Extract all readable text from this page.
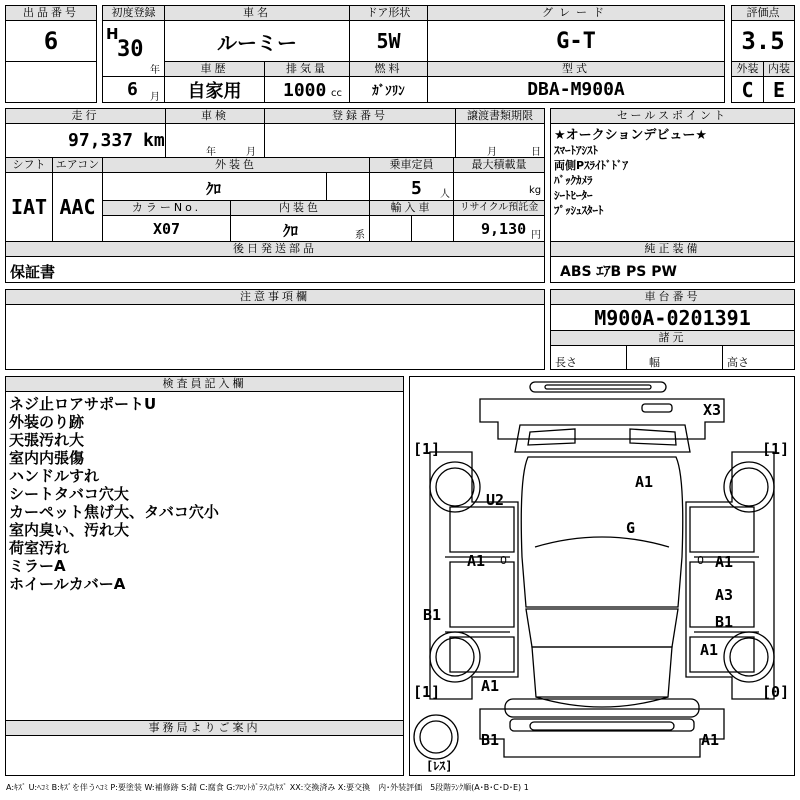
出品番号
6
初度登録
H
30
年
6 月
車名
ルーミー
ドア形状
5W
グレード
G-T
評価点
3.5
車歴
自家用
排気量
1000 cc
燃料
ｶﾞｿﾘﾝ
型式
DBA-M900A
外装
C
内装
E
走行
97,337 km
車検
年	月
登録番号	譲渡書類期限
月	日
シフト
IAT
エアコン
AAC
外装色
ｸﾛ
乗車定員
5 人
最大積載量
kg
カラーNo.
X07
内装色
ｸﾛ	系
輸入車	リサイクル預託金
9,130 円
後日発送部品
保証書
注意事項欄
セールスポイント
★オークションデビュー★
ｽﾏｰﾄｱｼｽﾄ
両側Pｽﾗｲﾄﾞﾄﾞｱ
ﾊﾞｯｸｶﾒﾗ
ｼｰﾄﾋｰﾀｰ
ﾌﾟｯｼｭｽﾀｰﾄ
純正装備
ABS ｴｱB PS PW
車台番号
M900A-0201391
諸元
長さ	幅	高さ
検査員記入欄
ネジ止ロアサポートU
外装のり跡
天張汚れ大
室内内張傷
ハンドルすれ
シートタバコ穴大
カーペット焦げ大、タバコ穴小
室内臭い、汚れ大
荷室汚れ
ミラーA
ホイールカバーA
事務局よりご案内
[1]	[1]
[1]	[0]
[ﾚｽ]
X3
A1
U2
G
A1 0	A1
0
A3
B1
B1
A1
A1
B1	A1
A:ｷｽﾞ U:ﾍｺﾐ B:ｷｽﾞを伴うﾍｺﾐ P:要塗装 W:補修跡 S:錆 C:腐食 G:ﾌﾛﾝﾄｶﾞﾗｽ点ｷｽﾞ XX:交換済み X:要交換　内･外装評価　5段階ﾗﾝｸ順(A･B･C･D･E) 1
